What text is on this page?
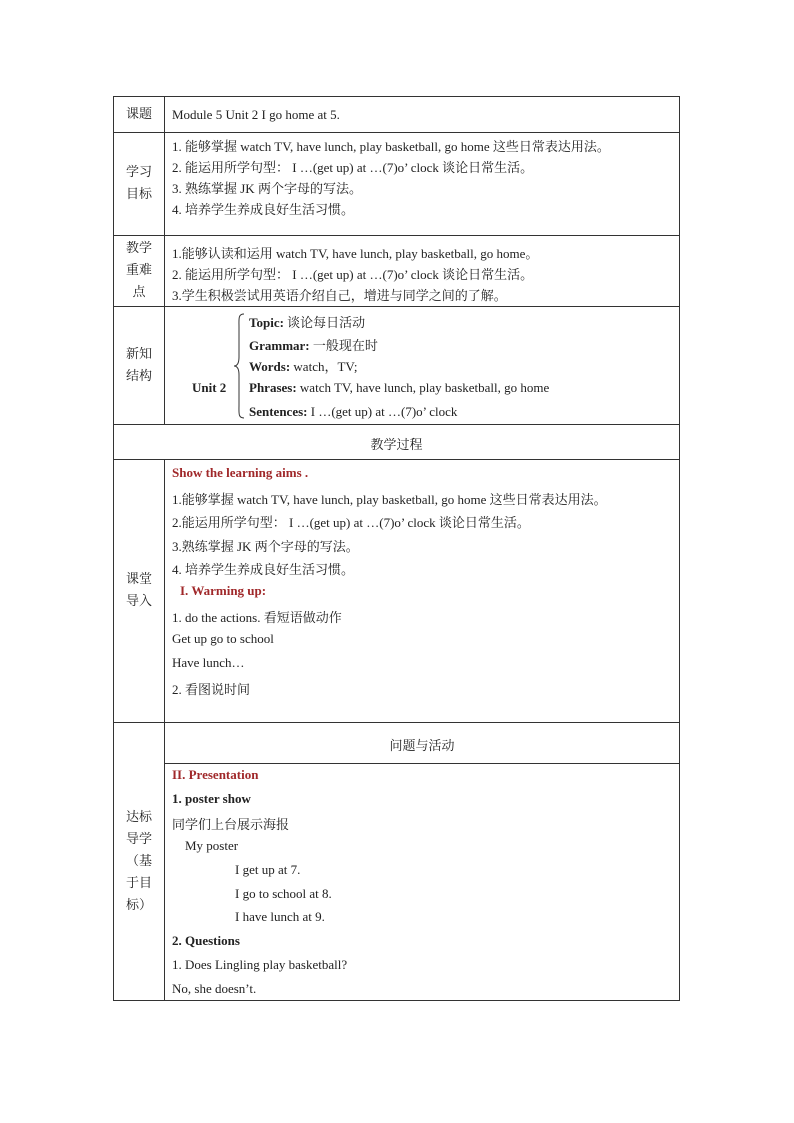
课题 Module 5 Unit 2 I go home at 5.
学习目标
1. 能够掌握 watch TV, have lunch, play basketball, go home 这些日常表达用法。
2. 能运用所学句型： I …(get up) at …(7)o’ clock 谈论日常生活。
3. 熟练掌握 JK 两个字母的写法。
4. 培养学生养成良好生活习惯。
教学重难点
1.能够认读和运用 watch TV, have lunch, play basketball, go home。
2. 能运用所学句型： I …(get up) at …(7)o’ clock 谈论日常生活。
3.学生积极尝试用英语介绍自己，增进与同学之间的了解。
新知结构
Unit 2
Topic: 谈论每日活动
Grammar: 一般现在时
Words: watch，TV;
Phrases: watch TV, have lunch, play basketball, go home
Sentences: I …(get up) at …(7)o’ clock
教学过程
课堂导入
Show the learning aims .
1.能够掌握 watch TV, have lunch, play basketball, go home 这些日常表达用法。
2.能运用所学句型： I …(get up) at …(7)o’ clock 谈论日常生活。
3.熟练掌握 JK 两个字母的写法。
4. 培养学生养成良好生活习惯。
I. Warming up:
1. do the actions. 看短语做动作
Get up go to school
Have lunch…
2. 看图说时间
达标导学（基于目标）
问题与活动
II. Presentation
1. poster show
同学们上台展示海报
My poster
I get up at 7.
I go to school at 8.
I have lunch at 9.
2. Questions
1. Does Lingling play basketball?
No, she doesn’t.
